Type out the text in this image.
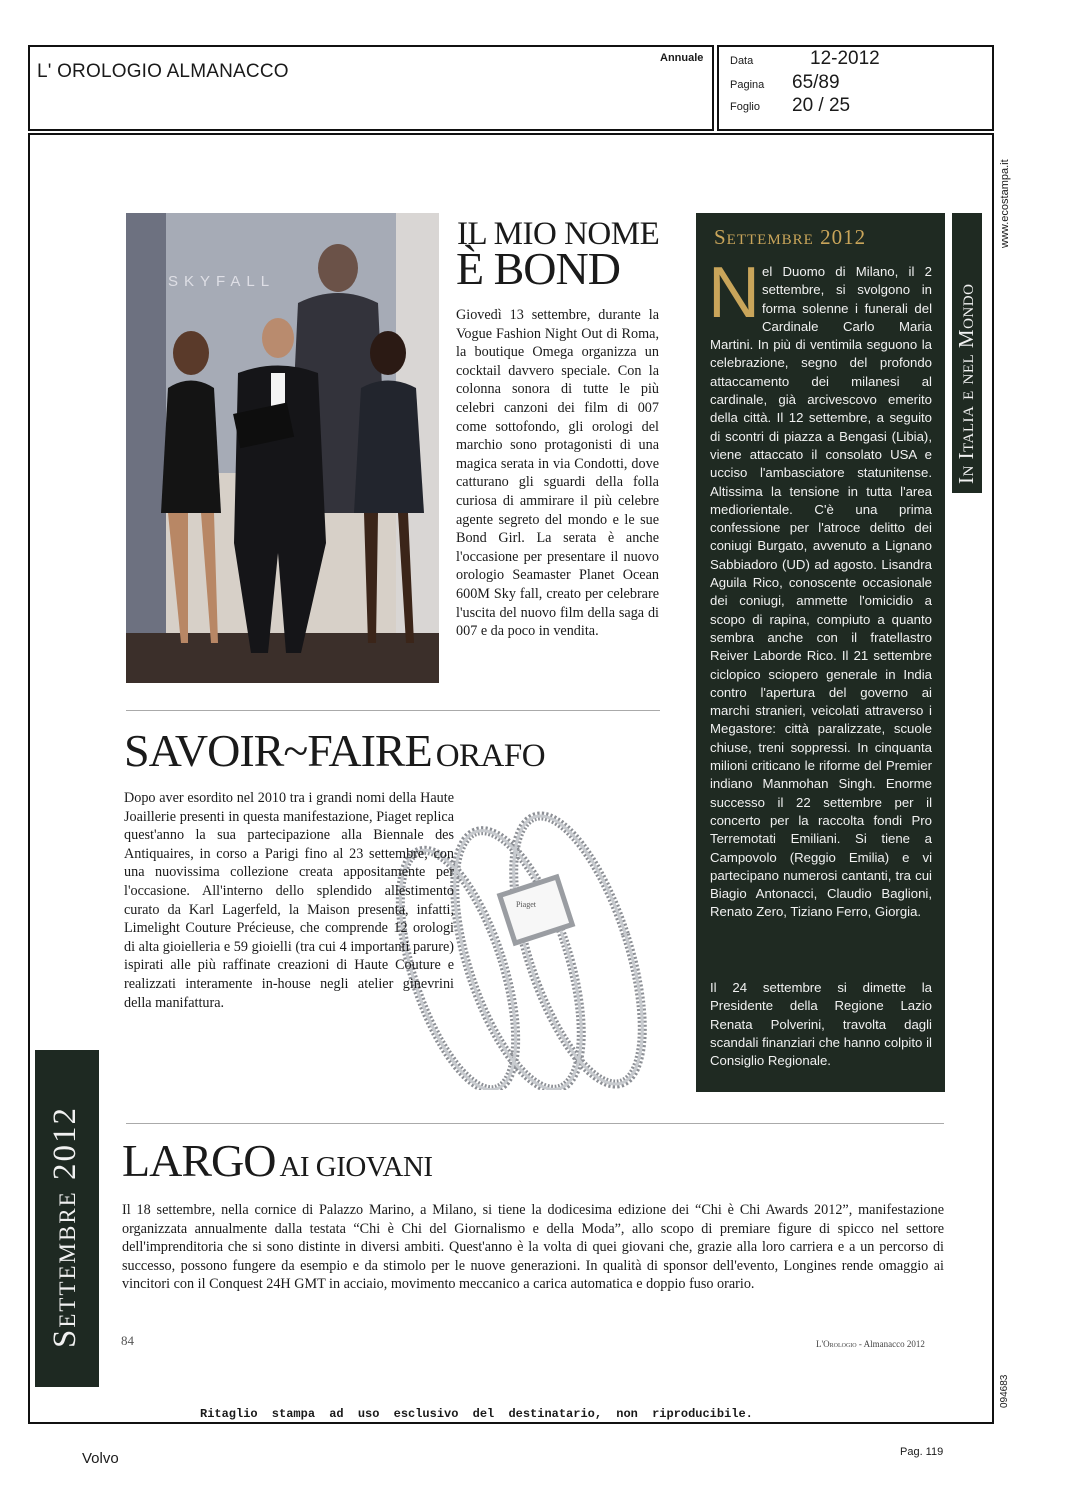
L' OROLOGIO ALMANACCO
Annuale Data	12-2012
Pagina 65/89
Foglio 20 / 25
www.ecostampa.it
094683
SKYFALL
IL MIO NOME
È BOND
Giovedì 13 settembre, durante la Vogue Fashion Night Out di Roma, la boutique Omega organizza un cocktail davvero speciale. Con la colonna sonora di tutte le più celebri canzoni dei film di 007 come sottofondo, gli orologi del marchio sono protagonisti di una magica serata in via Condotti, dove catturano gli sguardi della folla curiosa di ammirare il più celebre agente segreto del mondo e le sue Bond Girl. La serata è anche l'occasione per presentare il nuovo orologio Seamaster Planet Ocean 600M Sky fall, creato per celebrare l'uscita del nuovo film della saga di 007 e da poco in vendita.
Settembre 2012
N el Duomo di Milano, il 2 settembre, si svolgono in forma solenne i funerali del Cardinale Carlo Maria Martini. In più di ventimila seguono la celebrazione, segno del profondo attaccamento dei milanesi al cardinale, già arcivescovo emerito della città. Il 12 settembre, a seguito di scontri di piazza a Bengasi (Libia), viene attaccato il consolato USA e ucciso l'ambasciatore statunitense. Altissima la tensione in tutta l'area mediorientale. C'è una prima confessione per l'atroce delitto dei coniugi Burgato, avvenuto a Lignano Sabbiadoro (UD) ad agosto. Lisandra Aguila Rico, conoscente occasionale dei coniugi, ammette l'omicidio a scopo di rapina, compiuto a quanto sembra anche con il fratellastro Reiver Laborde Rico. Il 21 settembre ciclopico sciopero generale in India contro l'apertura del governo ai marchi stranieri, veicolati attraverso i Megastore: città paralizzate, scuole chiuse, treni soppressi. In cinquanta milioni criticano le riforme del Premier indiano Manmohan Singh. Enorme successo il 22 settembre per il concerto per la raccolta fondi Pro Terremotati Emiliani. Si tiene a Campovolo (Reggio Emilia) e vi partecipano numerosi cantanti, tra cui Biagio Antonacci, Claudio Baglioni, Renato Zero, Tiziano Ferro, Giorgia.
Il 24 settembre si dimette la Presidente della Regione Lazio Renata Polverini, travolta dagli scandali finanziari che hanno colpito il Consiglio Regionale.
In Italia e nel Mondo
SAVOIR~FAIRE ORAFO
Piaget
Dopo aver esordito nel 2010 tra i grandi nomi della Haute Joaillerie presenti in questa manifestazione, Piaget replica quest'anno la sua partecipazione alla Biennale des Antiquaires, in corso a Parigi fino al 23 settembre, con una nuovissima collezione creata appositamente per l'occasione. All'interno dello splendido allestimento curato da Karl Lagerfeld, la Maison presenta, infatti, Limelight Couture Précieuse, che comprende 12 orologi di alta gioielleria e 59 gioielli (tra cui 4 importanti parure) ispirati alle più raffinate creazioni di Haute Couture e realizzati interamente in-house negli atelier ginevrini della manifattura.
Settembre 2012 LARGO AI GIOVANI
Il 18 settembre, nella cornice di Palazzo Marino, a Milano, si tiene la dodicesima edizione dei “Chi è Chi Awards 2012”, manifestazione organizzata annualmente dalla testata “Chi è Chi del Giornalismo e della Moda”, allo scopo di premiare figure di spicco nel settore dell'imprenditoria che si sono distinte in diversi ambiti. Quest'anno è la volta di quei giovani che, grazie alla loro carriera e a un percorso di successo, possono fungere da esempio e da stimolo per le nuove generazioni. In qualità di sponsor dell'evento, Longines rende omaggio ai vincitori con il Conquest 24H GMT in acciaio, movimento meccanico a carica automatica e doppio fuso orario.
84	L'Orologio - Almanacco 2012
Ritaglio stampa ad uso esclusivo del destinatario, non riproducibile.
Volvo	Pag. 119
